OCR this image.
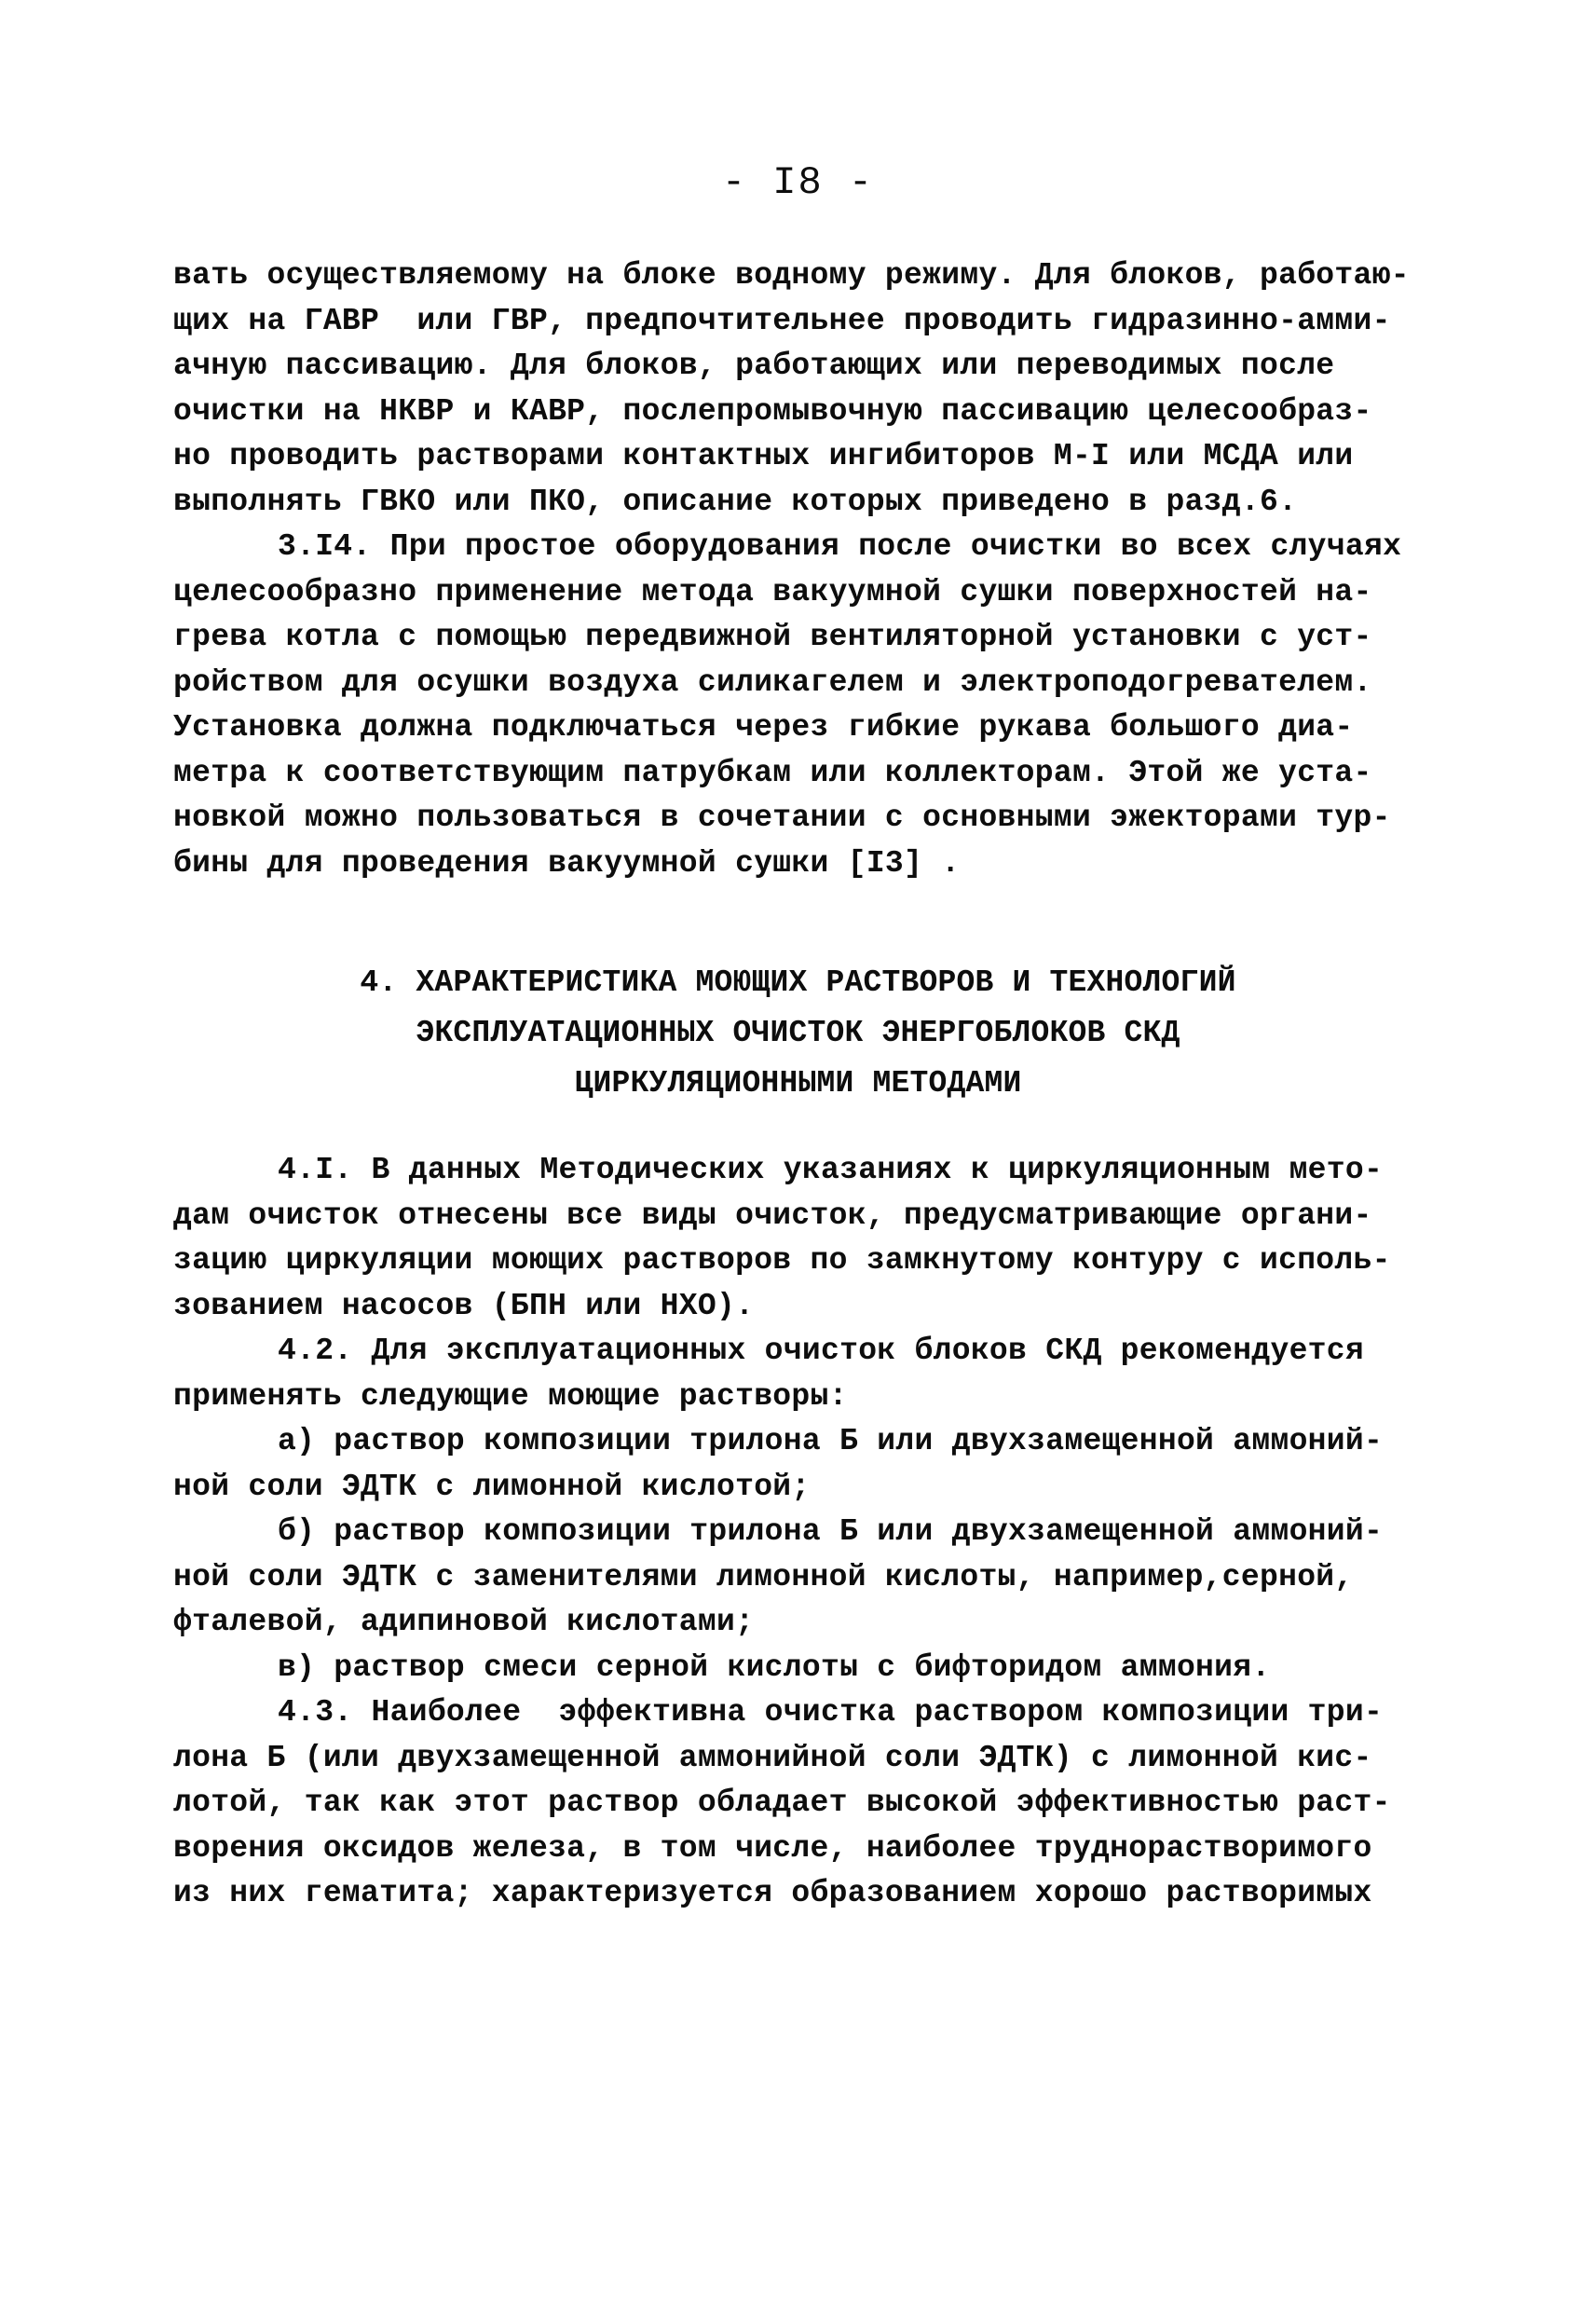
- I8 -
вать осуществляемому на блоке водному режиму. Для блоков, работаю-
щих на ГАВР  или ГВР, предпочтительнее проводить гидразинно-амми-
ачную пассивацию. Для блоков, работающих или переводимых после
очистки на НКВР и КАВР, послепромывочную пассивацию целесообраз-
но проводить растворами контактных ингибиторов М-I или МСДА или
выполнять ГВКО или ПКО, описание которых приведено в разд.6.
3.I4. При простое оборудования после очистки во всех случаях
целесообразно применение метода вакуумной сушки поверхностей на-
грева котла с помощью передвижной вентиляторной установки с уст-
ройством для осушки воздуха силикагелем и электроподогревателем.
Установка должна подключаться через гибкие рукава большого диа-
метра к соответствующим патрубкам или коллекторам. Этой же уста-
новкой можно пользоваться в сочетании с основными эжекторами тур-
бины для проведения вакуумной сушки [I3] .
4. ХАРАКТЕРИСТИКА МОЮЩИХ РАСТВОРОВ И ТЕХНОЛОГИЙ
ЭКСПЛУАТАЦИОННЫХ ОЧИСТОК ЭНЕРГОБЛОКОВ СКД
ЦИРКУЛЯЦИОННЫМИ МЕТОДАМИ
4.I. В данных Методических указаниях к циркуляционным мето-
дам очисток отнесены все виды очисток, предусматривающие органи-
зацию циркуляции моющих растворов по замкнутому контуру с исполь-
зованием насосов (БПН или НХО).
4.2. Для эксплуатационных очисток блоков СКД рекомендуется
применять следующие моющие растворы:
а) раствор композиции трилона Б или двухзамещенной аммоний-
ной соли ЭДТК с лимонной кислотой;
б) раствор композиции трилона Б или двухзамещенной аммоний-
ной соли ЭДТК с заменителями лимонной кислоты, например,серной,
фталевой, адипиновой кислотами;
в) раствор смеси серной кислоты с бифторидом аммония.
4.3. Наиболее  эффективна очистка раствором композиции три-
лона Б (или двухзамещенной аммонийной соли ЭДТК) с лимонной кис-
лотой, так как этот раствор обладает высокой эффективностью раст-
ворения оксидов железа, в том числе, наиболее труднорастворимого
из них гематита; характеризуется образованием хорошо растворимых
